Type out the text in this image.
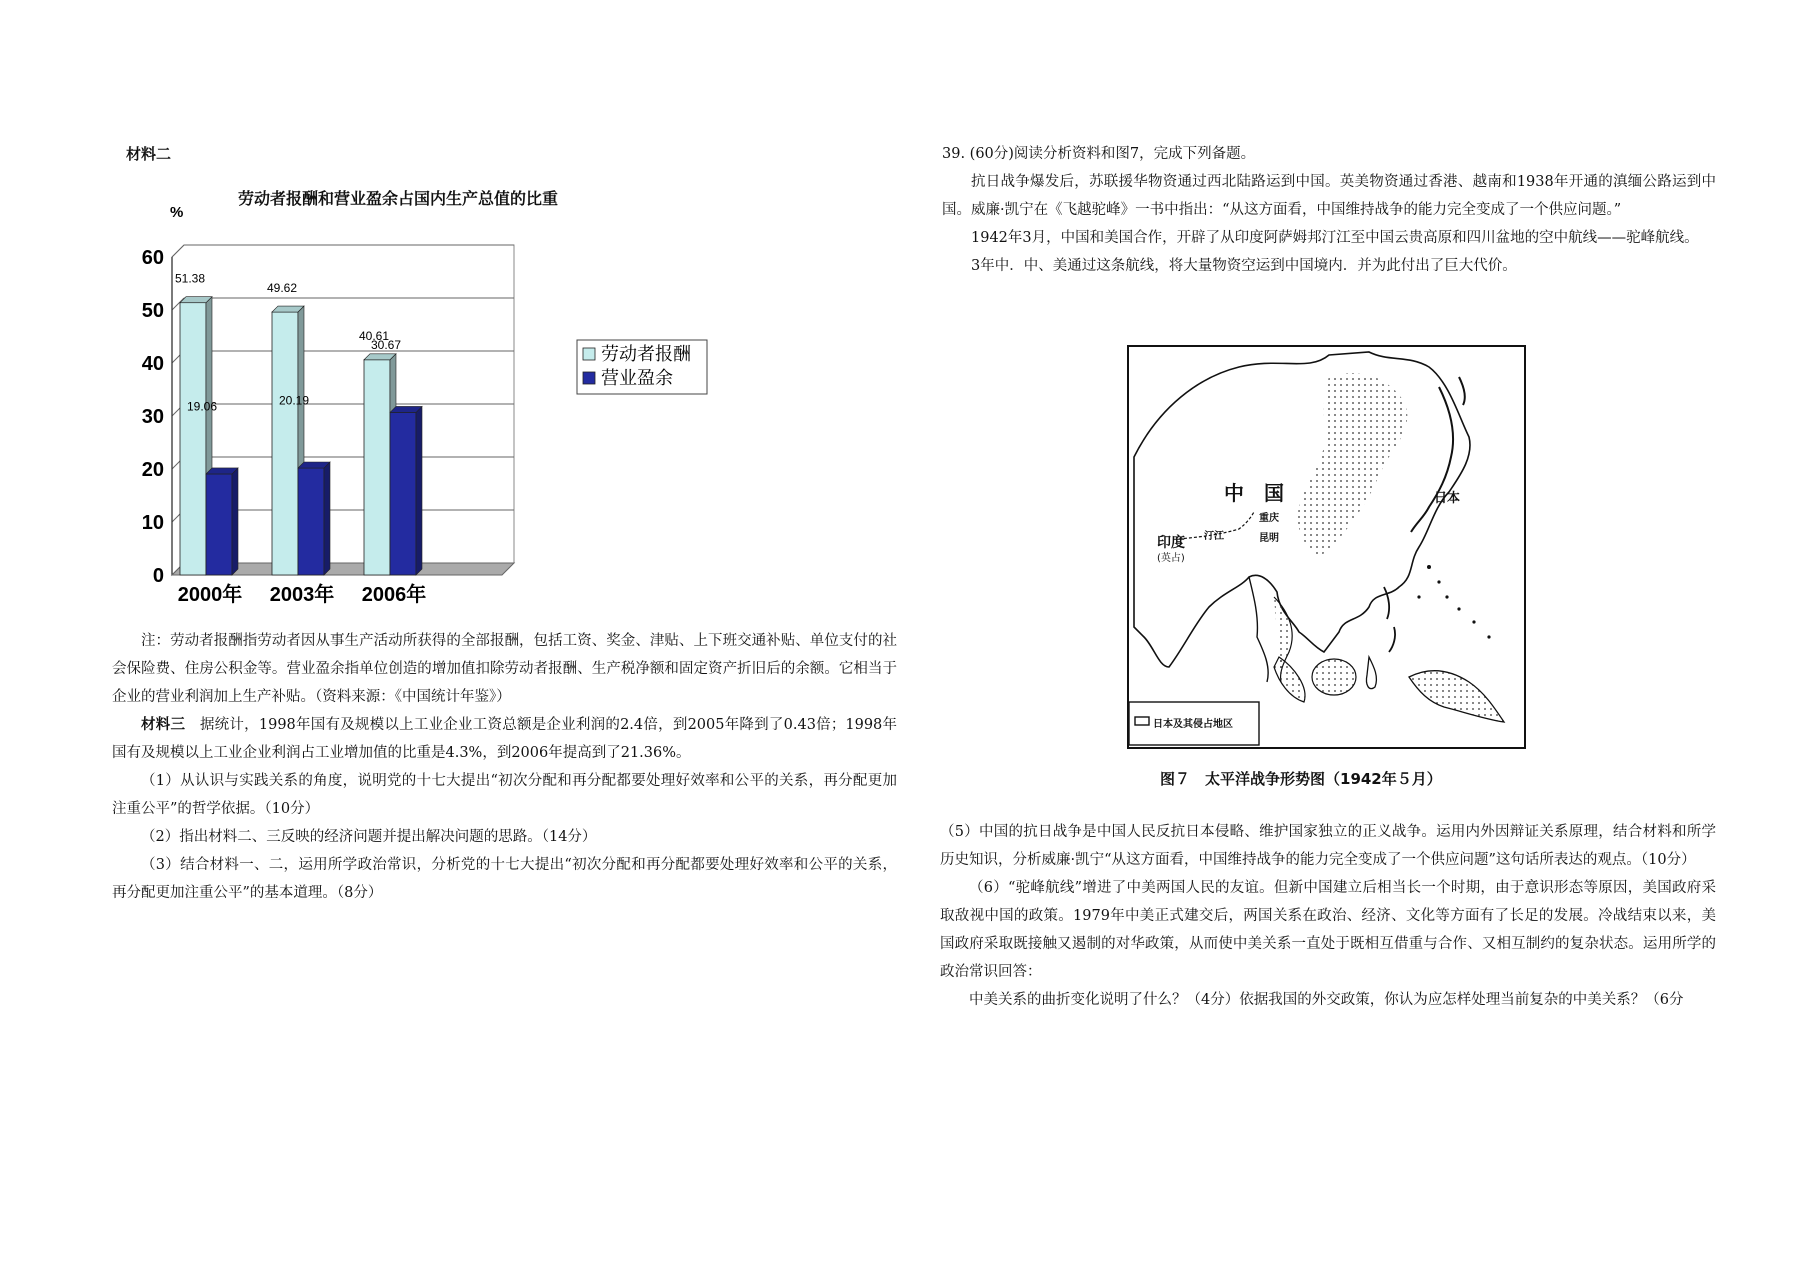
材料二
劳动者报酬和营业盈余占国内生产总值的比重
%
0
10
20
30
40
50
60
51.38
19.06
2000年
49.62
20.19
2003年
40.61
30.67
2006年
劳动者报酬
营业盈余

注：劳动者报酬指劳动者因从事生产活动所获得的全部报酬，包括工资、奖金、津贴、上下班交通补贴、单位支付的社会保险费、住房公积金等。营业盈余指单位创造的增加值扣除劳动者报酬、生产税净额和固定资产折旧后的余额。它相当于企业的营业利润加上生产补贴。（资料来源：《中国统计年鉴》）

材料三　 据统计，1998年国有及规模以上工业企业工资总额是企业利润的2.4倍，到2005年降到了0.43倍；1998年国有及规模以上工业企业利润占工业增加值的比重是4.3%，到2006年提高到了21.36%。

（1）从认识与实践关系的角度，说明党的十七大提出“初次分配和再分配都要处理好效率和公平的关系，再分配更加注重公平”的哲学依据。（10分）

（2）指出材料二、三反映的经济问题并提出解决问题的思路。（14分）

（3）结合材料一、二，运用所学政治常识，分析党的十七大提出“初次分配和再分配都要处理好效率和公平的关系，再分配更加注重公平”的基本道理。（8分）

39. (60分)阅读分析资料和图7，完成下列备题。

抗日战争爆发后，苏联援华物资通过西北陆路运到中国。英美物资通过香港、越南和1938年开通的滇缅公路运到中国。威廉·凯宁在《飞越驼峰》一书中指出：“从这方面看，中国维持战争的能力完全变成了一个供应问题。”

1942年3月，中国和美国合作，开辟了从印度阿萨姆邦汀江至中国云贵高原和四川盆地的空中航线——驼峰航线。

3年中．中、美通过这条航线，将大量物资空运到中国境内．并为此付出了巨大代价。

中　国	日本
印度
(英占)
汀江
重庆
昆明
日本及其侵占地区
图７　太平洋战争形势图（1942年５月）

（5）中国的抗日战争是中国人民反抗日本侵略、维护国家独立的正义战争。运用内外因辩证关系原理，结合材料和所学历史知识，分析威廉·凯宁“从这方面看，中国维持战争的能力完全变成了一个供应问题”这句话所表达的观点。（10分）

（6）“驼峰航线”增进了中美两国人民的友谊。但新中国建立后相当长一个时期，由于意识形态等原因，美国政府采取敌视中国的政策。1979年中美正式建交后，两国关系在政治、经济、文化等方面有了长足的发展。冷战结束以来，美国政府采取既接触又遏制的对华政策，从而使中美关系一直处于既相互借重与合作、又相互制约的复杂状态。运用所学的政治常识回答：

中美关系的曲折变化说明了什么？（4分）依据我国的外交政策，你认为应怎样处理当前复杂的中美关系？（6分
